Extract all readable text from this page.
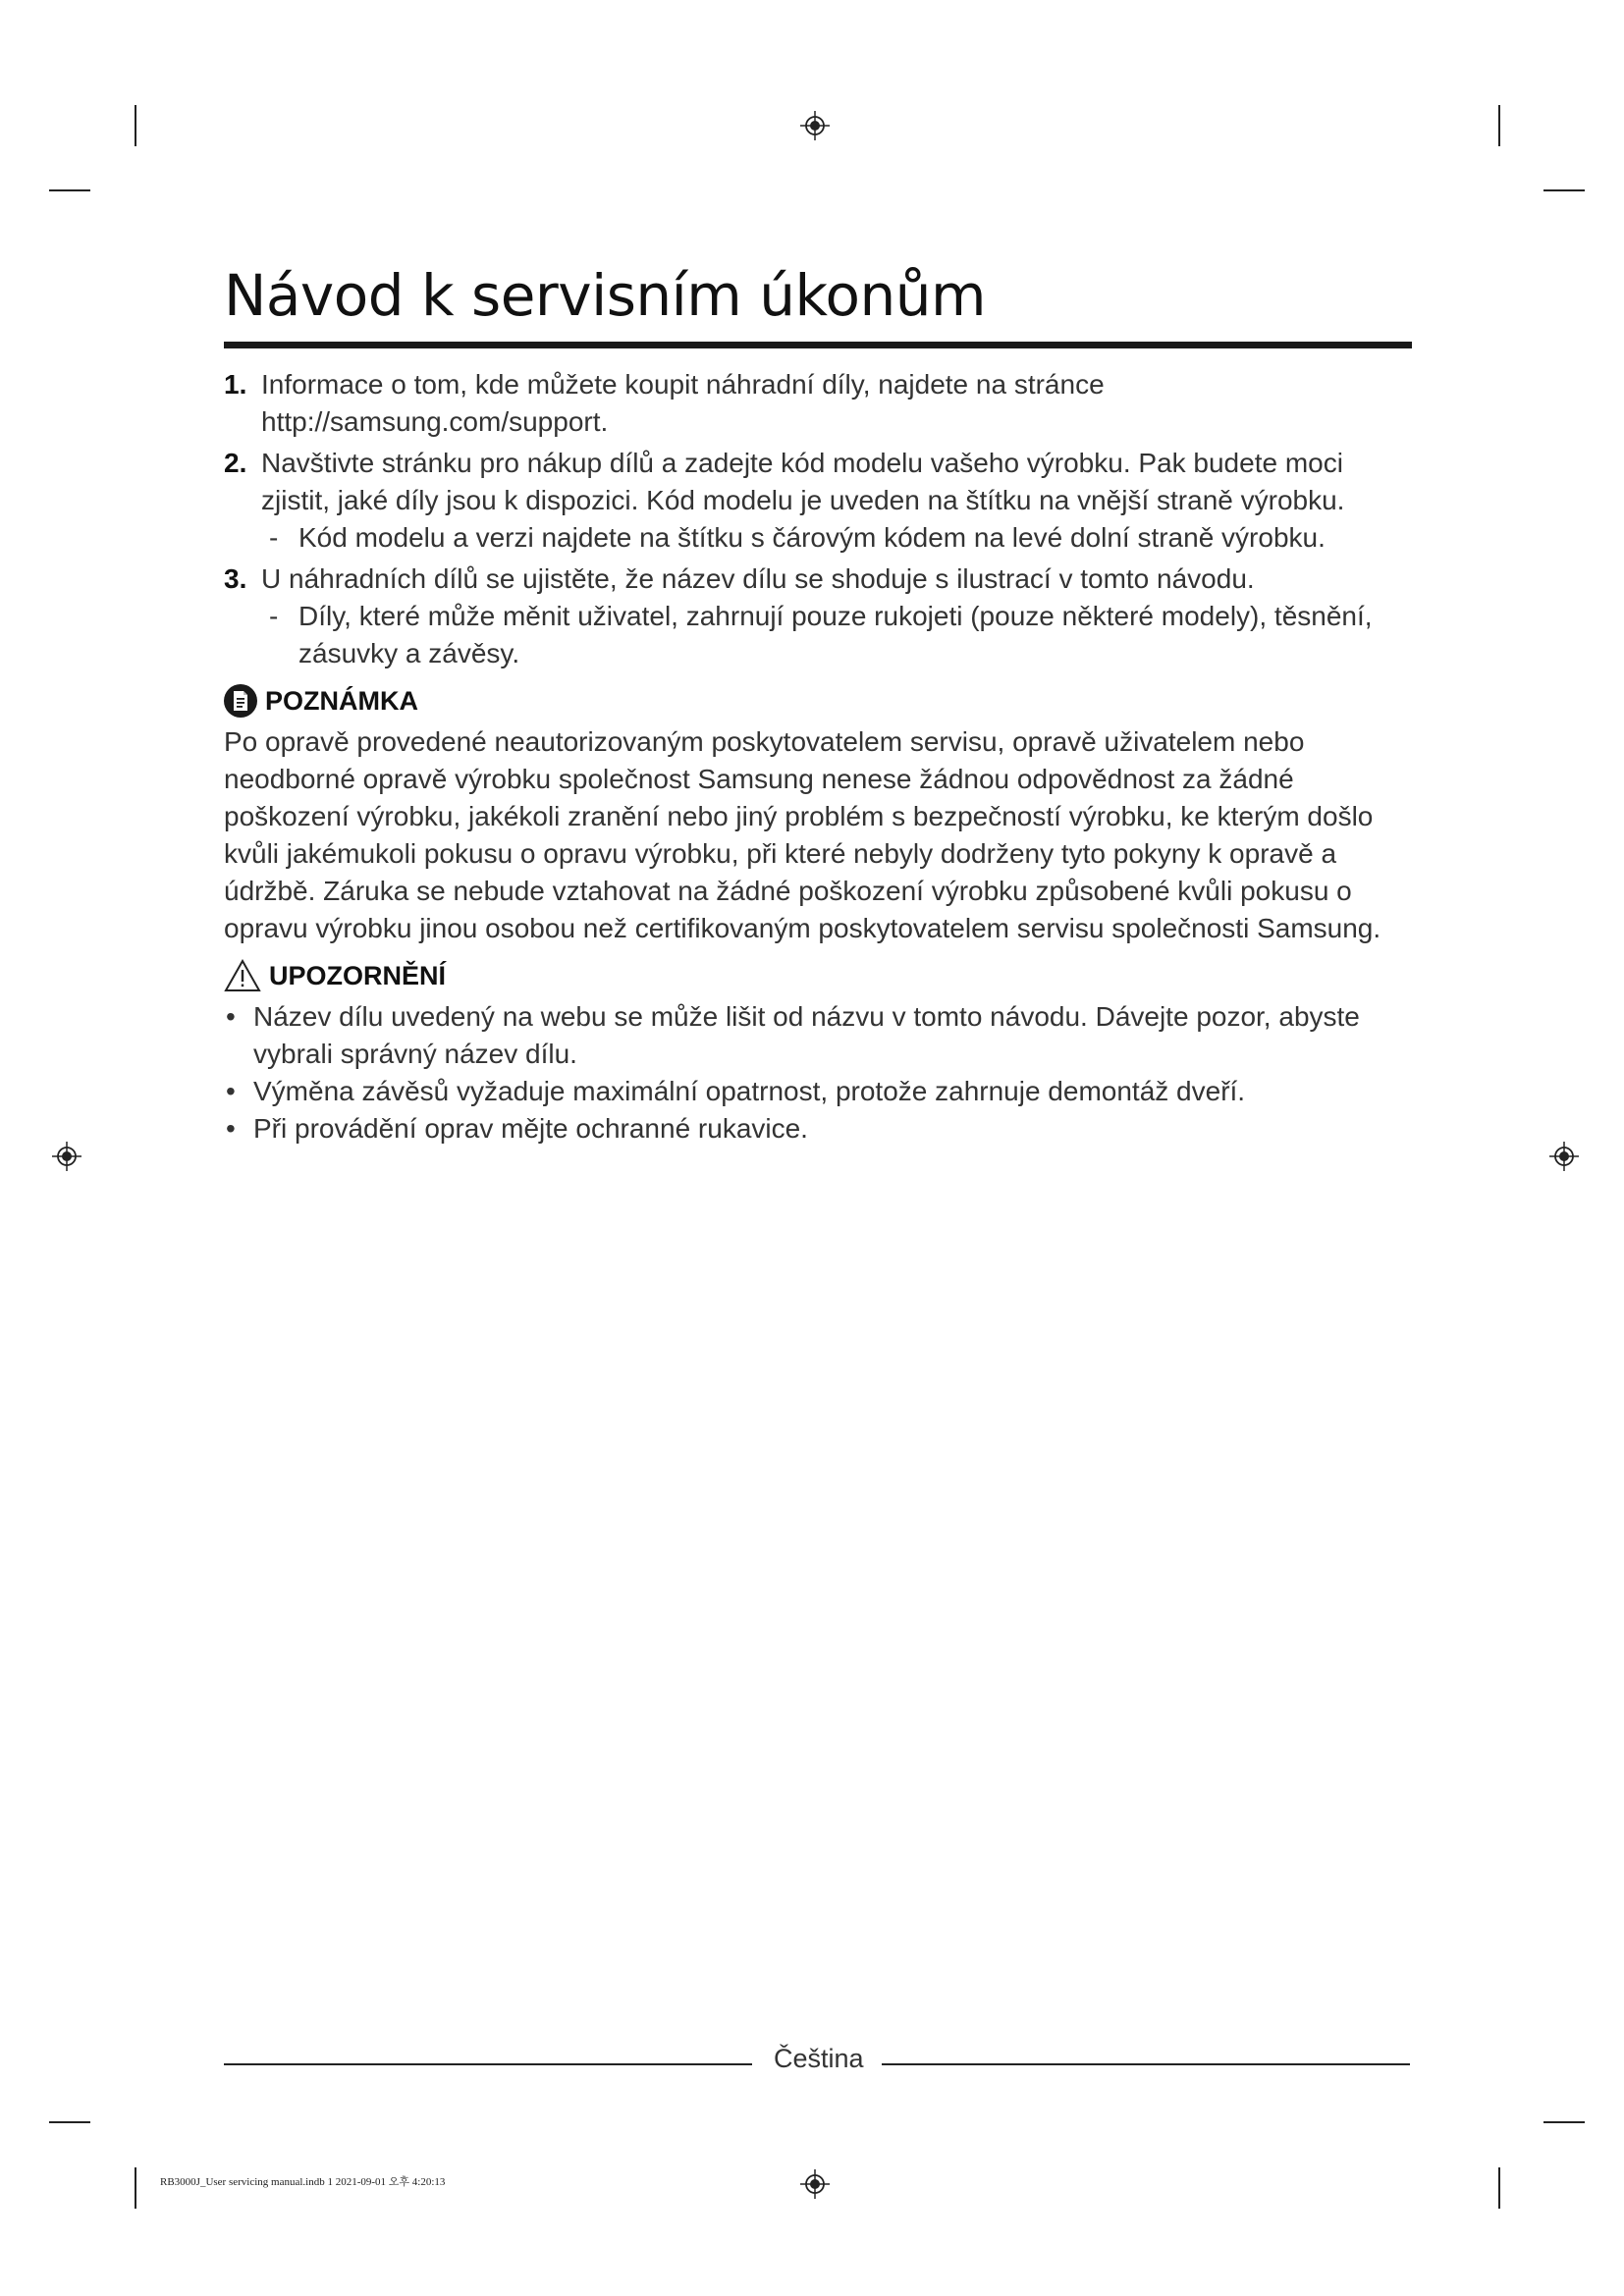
Návod k servisním úkonům
1. Informace o tom, kde můžete koupit náhradní díly, najdete na stránce http://samsung.com/support.
2. Navštivte stránku pro nákup dílů a zadejte kód modelu vašeho výrobku. Pak budete moci zjistit, jaké díly jsou k dispozici. Kód modelu je uveden na štítku na vnější straně výrobku.
- Kód modelu a verzi najdete na štítku s čárovým kódem na levé dolní straně výrobku.
3. U náhradních dílů se ujistěte, že název dílu se shoduje s ilustrací v tomto návodu.
- Díly, které může měnit uživatel, zahrnují pouze rukojeti (pouze některé modely), těsnění, zásuvky a závěsy.
POZNÁMKA

Po opravě provedené neautorizovaným poskytovatelem servisu, opravě uživatelem nebo neodborné opravě výrobku společnost Samsung nenese žádnou odpovědnost za žádné poškození výrobku, jakékoli zranění nebo jiný problém s bezpečností výrobku, ke kterým došlo kvůli jakémukoli pokusu o opravu výrobku, při které nebyly dodrženy tyto pokyny k opravě a údržbě. Záruka se nebude vztahovat na žádné poškození výrobku způsobené kvůli pokusu o opravu výrobku jinou osobou než certifikovaným poskytovatelem servisu společnosti Samsung.

UPOZORNĚNÍ
• Název dílu uvedený na webu se může lišit od názvu v tomto návodu. Dávejte pozor, abyste vybrali správný název dílu.
• Výměna závěsů vyžaduje maximální opatrnost, protože zahrnuje demontáž dveří.
• Při provádění oprav mějte ochranné rukavice.
Čeština
RB3000J_User servicing manual.indb 1 2021-09-01 오후 4:20:13
